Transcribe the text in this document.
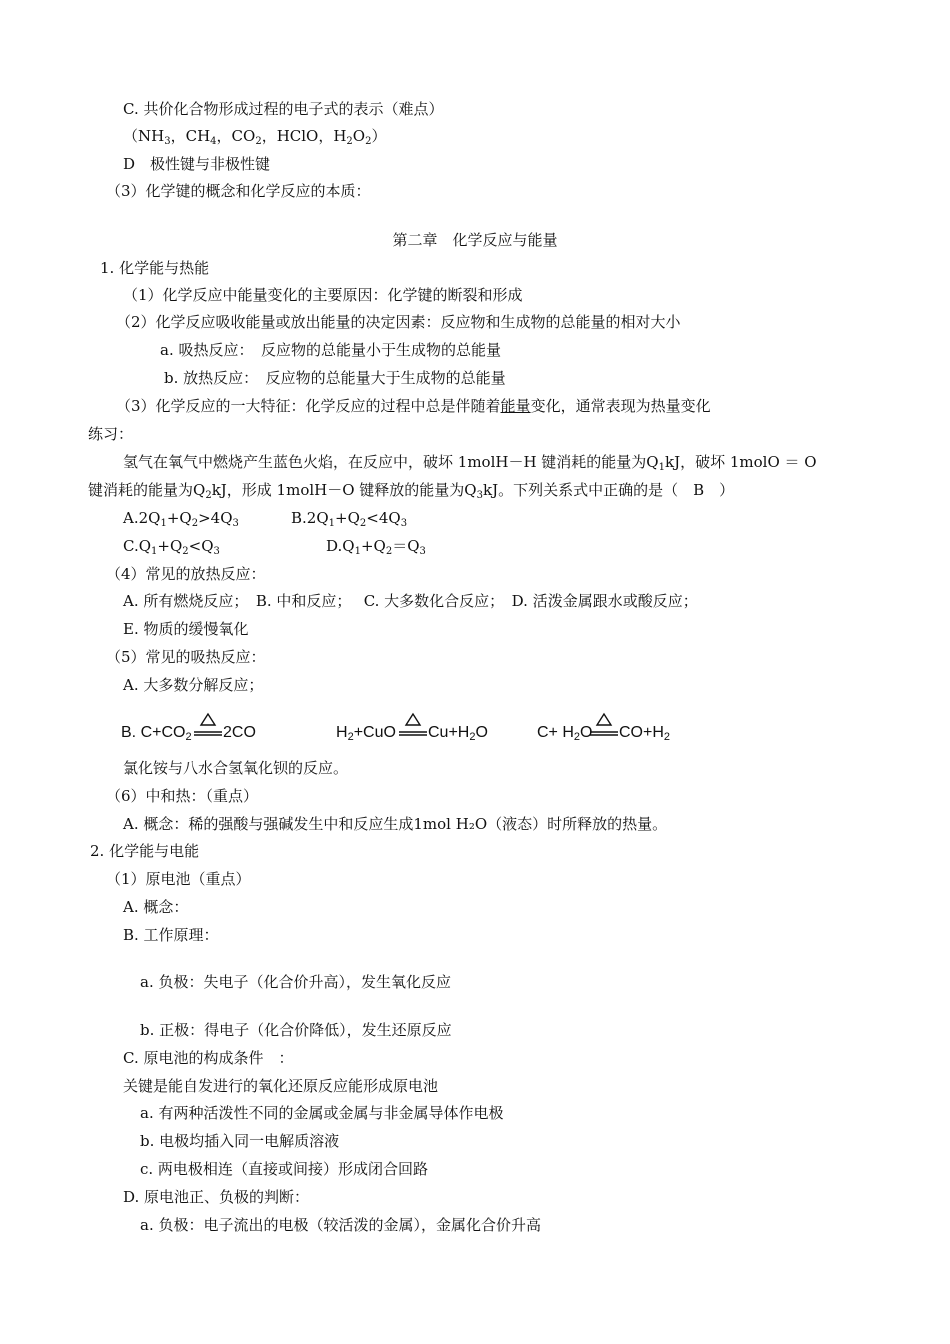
C. 共价化合物形成过程的电子式的表示（难点）
（$NH_3$，$CH_4$，$CO_2$，HClO，$H_2O_2$）
D　极性键与非极性键
（3）化学键的概念和化学反应的本质：
第二章　化学反应与能量
1. 化学能与热能
（1）化学反应中能量变化的主要原因：化学键的断裂和形成
（2）化学反应吸收能量或放出能量的决定因素：反应物和生成物的总能量的相对大小
a. 吸热反应：　反应物的总能量小于生成物的总能量
b. 放热反应：　反应物的总能量大于生成物的总能量
（3）化学反应的一大特征：化学反应的过程中总是伴随着能量变化，通常表现为热量变化
练习：
氢气在氧气中燃烧产生蓝色火焰，在反应中，破坏 1molH－H 键消耗的能量为$Q_1kJ$，破坏 1molO ＝ O
键消耗的能量为$Q_2kJ$，形成 1molH－O 键释放的能量为$Q_3kJ$。下列关系式中正确的是（　B　）
$A.2Q_1+Q_2>4Q_3$	$B.2Q_1+Q_2<4Q_3$
$C.Q_1+Q_2<Q_3$	$D.Q_1+Q_2=Q_3$
（4）常见的放热反应：
A. 所有燃烧反应；　B. 中和反应；　 C. 大多数化合反应；　D. 活泼金属跟水或酸反应；
E. 物质的缓慢氧化
（5）常见的吸热反应：
A. 大多数分解反应；
B. $C+CO_2$ 2CO	$H_2+CuO$ $Cu+H_2O$	$C+ H_2O$ $CO+H_2$
氯化铵与八水合氢氧化钡的反应。
（6）中和热：（重点）
A. 概念：稀的强酸与强碱发生中和反应生成1mol H₂O（液态）时所释放的热量。
2. 化学能与电能
（1）原电池（重点）
A. 概念：
B. 工作原理：
a. 负极：失电子（化合价升高），发生氧化反应
b. 正极：得电子（化合价降低），发生还原反应
C. 原电池的构成条件　：
关键是能自发进行的氧化还原反应能形成原电池
a. 有两种活泼性不同的金属或金属与非金属导体作电极
b. 电极均插入同一电解质溶液
c. 两电极相连（直接或间接）形成闭合回路
D. 原电池正、负极的判断：
a. 负极：电子流出的电极（较活泼的金属），金属化合价升高
